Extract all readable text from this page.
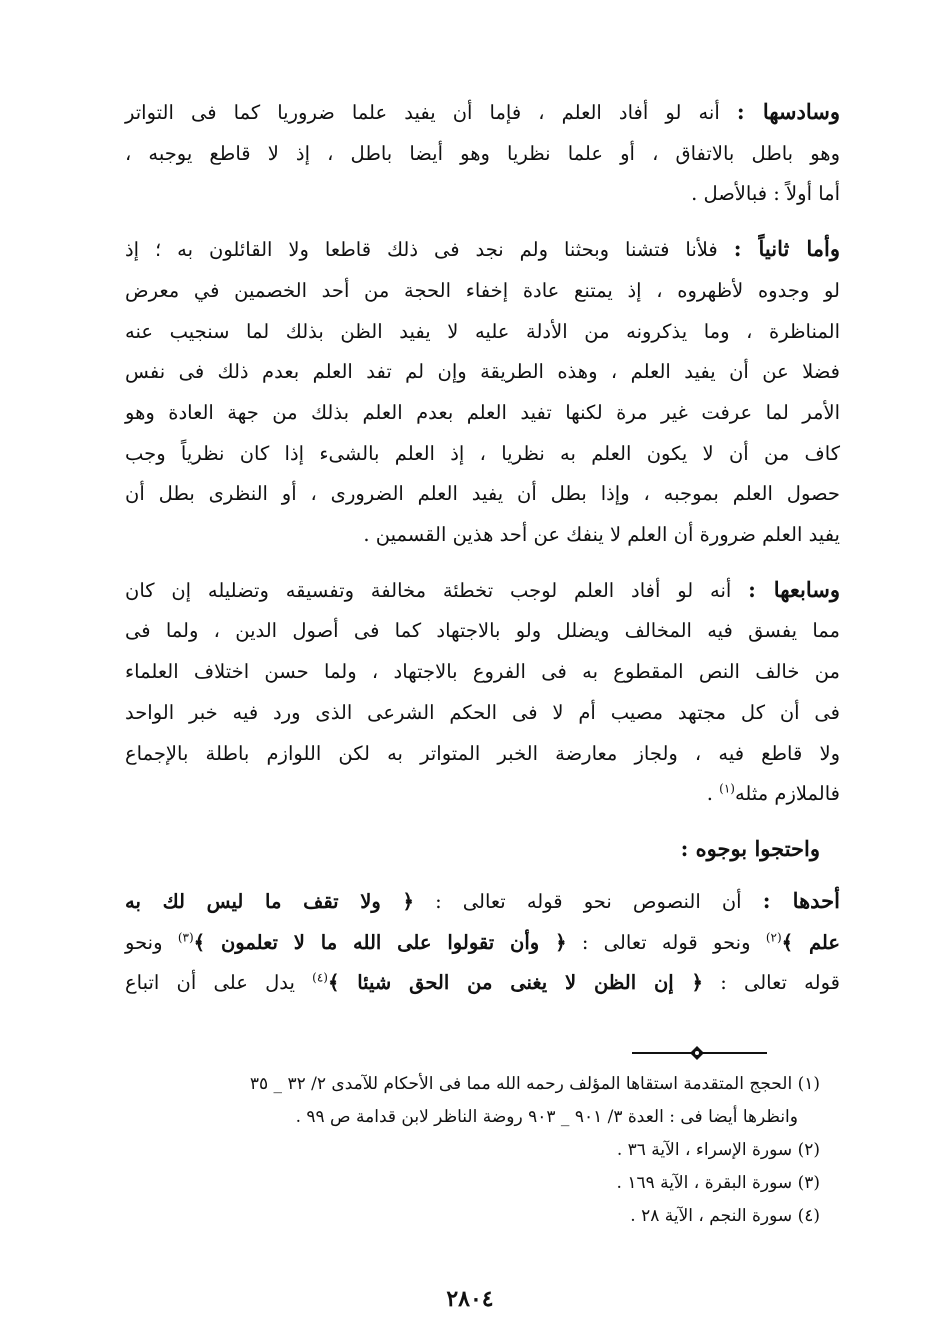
وسادسها : أنه لو أفاد العلم ، فإما أن يفيد علما ضروريا كما فى التواتر
وهو باطل بالاتفاق ، أو علما نظريا وهو أيضا باطل ، إذ لا قاطع يوجبه ،
أما أولاً : فبالأصل .

وأما ثانياً : فلأنا فتشنا وبحثنا ولم نجد فى ذلك قاطعا ولا القائلون به ؛ إذ
لو وجدوه لأظهروه ، إذ يمتنع عادة إخفاء الحجة من أحد الخصمين في معرض
المناظرة ، وما يذكرونه من الأدلة عليه لا يفيد الظن بذلك لما سنجيب عنه
فضلا عن أن يفيد العلم ، وهذه الطريقة وإن لم تفد العلم بعدم ذلك فى نفس
الأمر لما عرفت غير مرة لكنها تفيد العلم بعدم العلم بذلك من جهة العادة وهو
كاف من أن لا يكون العلم به نظريا ، إذ العلم بالشىء إذا كان نظرياً وجب
حصول العلم بموجبه ، وإذا بطل أن يفيد العلم الضرورى ، أو النظرى بطل أن
يفيد العلم ضرورة أن العلم لا ينفك عن أحد هذين القسمين .

وسابعها : أنه لو أفاد العلم لوجب تخطئة مخالفة وتفسيقه وتضليله إن كان
مما يفسق فيه المخالف ويضلل ولو بالاجتهاد كما فى أصول الدين ، ولما فى
من خالف النص المقطوع به فى الفروع بالاجتهاد ، ولما حسن اختلاف العلماء
فى أن كل مجتهد مصيب أم لا فى الحكم الشرعى الذى ورد فيه خبر الواحد
ولا قاطع فيه ، ولجاز معارضة الخبر المتواتر به لكن اللوازم باطلة بالإجماع
فالملازم مثله$^{(١)}$ .

واحتجوا بوجوه :

أحدها : أن النصوص نحو قوله تعالى : ﴿ ولا تقف ما ليس لك به
علم ﴾$^{(٢)}$ ونحو قوله تعالى : ﴿ وأن تقولوا على الله ما لا تعلمون ﴾$^{(٣)}$ ونحو
قوله تعالى : ﴿ إن الظن لا يغنى من الحق شيئا ﴾$^{(٤)}$ يدل على أن اتباع

(١) الحجج المتقدمة استقاها المؤلف رحمه الله مما فى الأحكام للآمدى ٢/ ٣٢ _ ٣٥
وانظرها أيضا فى : العدة ٣/ ٩٠١ _ ٩٠٣ روضة الناظر لابن قدامة ص ٩٩ .
(٢) سورة الإسراء ، الآية ٣٦ .
(٣) سورة البقرة ، الآية ١٦٩ .
(٤) سورة النجم ، الآية ٢٨ .
٢٨٠٤
